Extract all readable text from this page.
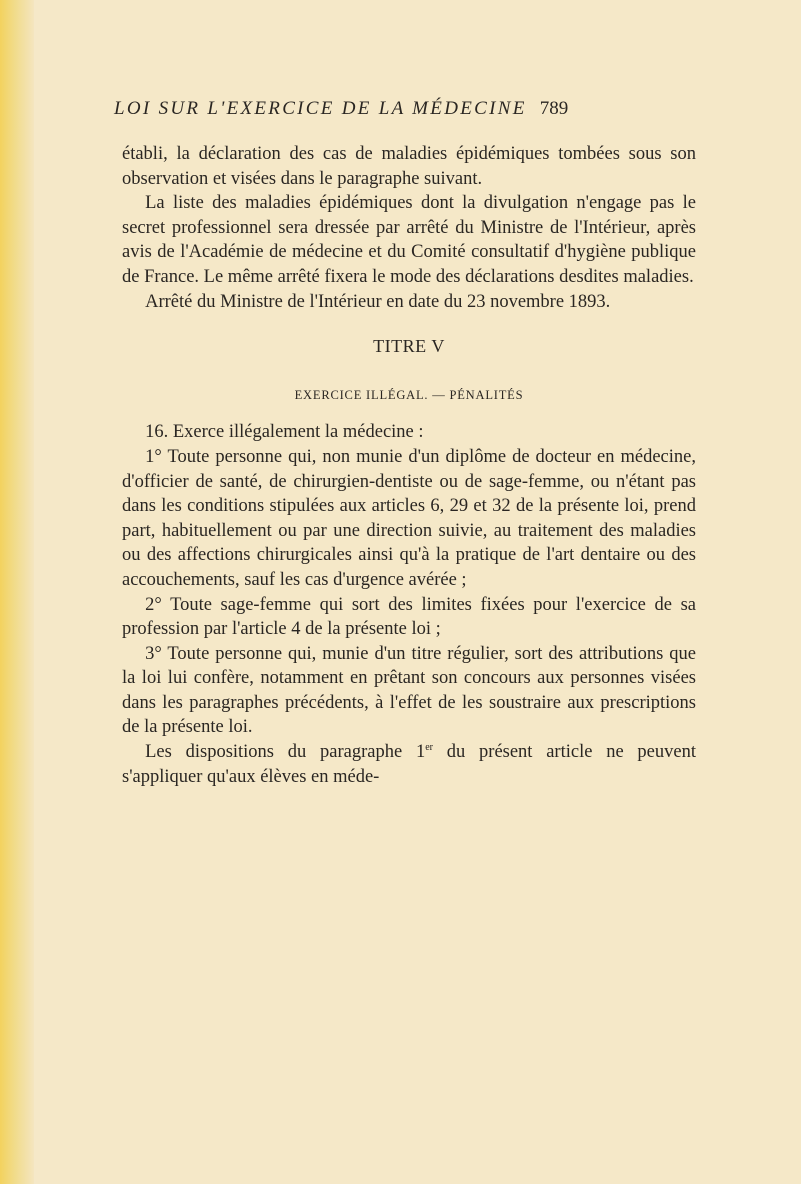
LOI SUR L'EXERCICE DE LA MÉDECINE 789

établi, la déclaration des cas de maladies épidémiques tombées sous son observation et visées dans le paragraphe suivant.

La liste des maladies épidémiques dont la divulgation n'engage pas le secret professionnel sera dressée par arrêté du Ministre de l'Intérieur, après avis de l'Académie de médecine et du Comité consultatif d'hygiène publique de France. Le même arrêté fixera le mode des déclarations desdites maladies.

Arrêté du Ministre de l'Intérieur en date du 23 novembre 1893.

TITRE V
EXERCICE ILLÉGAL. — PÉNALITÉS

16. Exerce illégalement la médecine :

1° Toute personne qui, non munie d'un diplôme de docteur en médecine, d'officier de santé, de chirurgien-dentiste ou de sage-femme, ou n'étant pas dans les conditions stipulées aux articles 6, 29 et 32 de la présente loi, prend part, habituellement ou par une direction suivie, au traitement des maladies ou des affections chirurgicales ainsi qu'à la pratique de l'art dentaire ou des accouchements, sauf les cas d'urgence avérée ;

2° Toute sage-femme qui sort des limites fixées pour l'exercice de sa profession par l'article 4 de la présente loi ;

3° Toute personne qui, munie d'un titre régulier, sort des attributions que la loi lui confère, notamment en prêtant son concours aux personnes visées dans les paragraphes précédents, à l'effet de les soustraire aux prescriptions de la présente loi.

Les dispositions du paragraphe 1er du présent article ne peuvent s'appliquer qu'aux élèves en méde-
